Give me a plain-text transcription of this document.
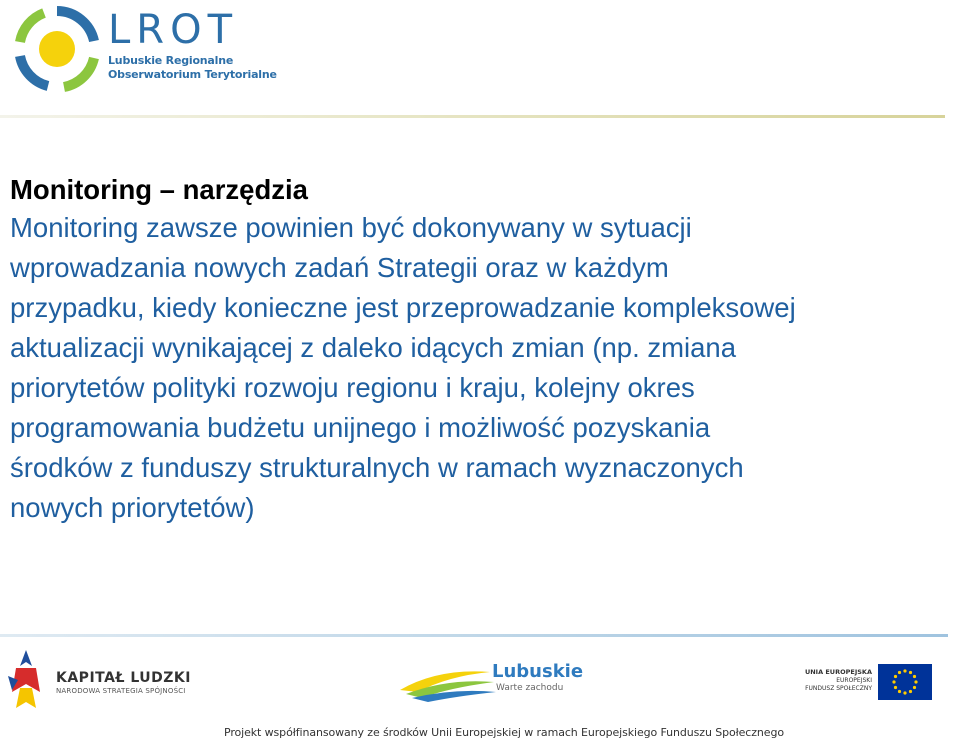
LROT
Lubuskie Regionalne
Obserwatorium Terytorialne
Monitoring – narzędzia
Monitoring zawsze powinien być dokonywany w sytuacji
wprowadzania nowych zadań Strategii oraz w każdym
przypadku, kiedy konieczne jest przeprowadzanie kompleksowej
aktualizacji wynikającej z daleko idących zmian (np. zmiana
priorytetów polityki rozwoju regionu i kraju, kolejny okres
programowania budżetu unijnego i możliwość pozyskania
środków z funduszy strukturalnych w ramach wyznaczonych
nowych priorytetów)
KAPITAŁ LUDZKI
NARODOWA STRATEGIA SPÓJNOŚCI
Lubuskie
Warte zachodu
UNIA EUROPEJSKA
EUROPEJSKI
FUNDUSZ SPOŁECZNY
Projekt współfinansowany ze środków Unii Europejskiej w ramach Europejskiego Funduszu Społecznego
